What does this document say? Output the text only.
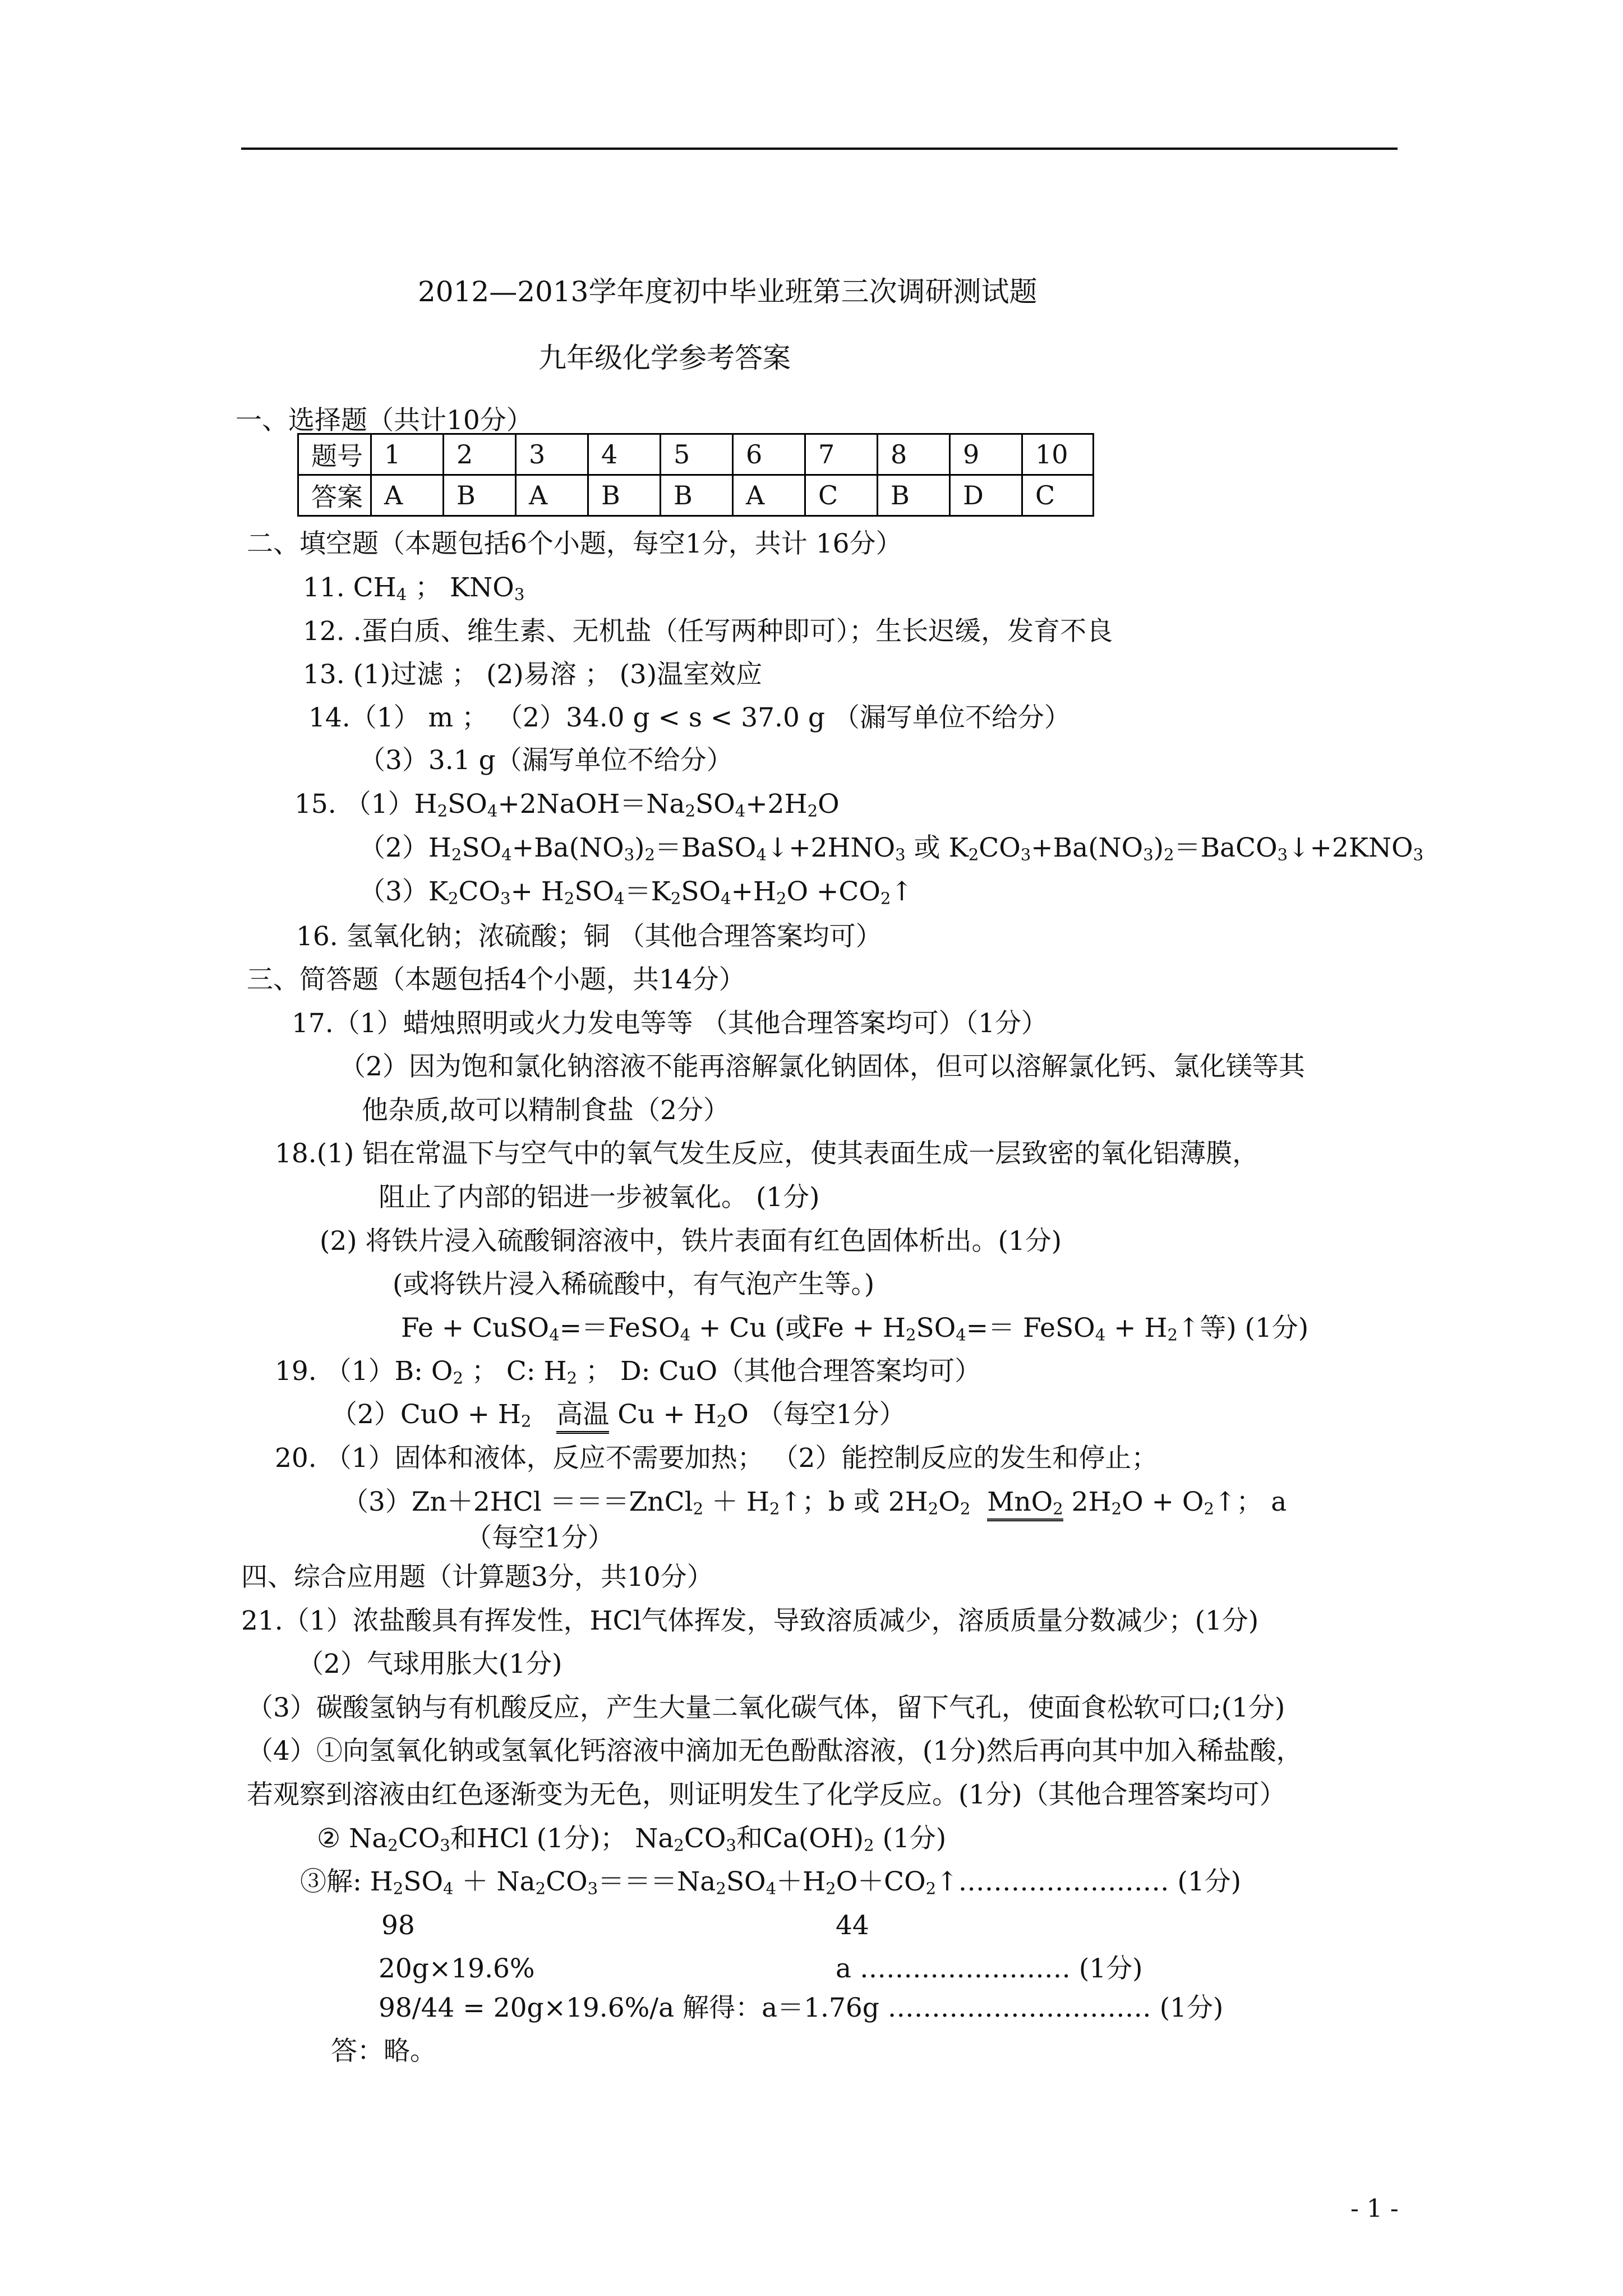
2012—2013学年度初中毕业班第三次调研测试题
九年级化学参考答案
一、选择题（共计10分）
题号	1	2	3	4	5	6	7	8	9	10
答案	A	B	A	B	B	A	C	B	D	C
二、填空题（本题包括6个小题，每空1分，共计 16分）
11. $CH_4$ ； $KNO_3$
12. .蛋白质、维生素、无机盐（任写两种即可）；生长迟缓，发育不良
13. (1)过滤 ； (2)易溶 ； (3)温室效应
14.（1） m ； （2）34.0 g < s < 37.0 g （漏写单位不给分）
（3）3.1 g（漏写单位不给分）
15. $(1)H_2SO_4+2NaOH=Na_2SO_4+2H_2O$
$(2)H_2SO_4+Ba(NO_3)_2=BaSO_4↓+2HNO_3$ 或 $K_2CO_3+Ba(NO_3)_2=BaCO_3↓+2KNO_3$
$(3)K_2CO_3+ H_2SO_4=K_2SO_4+H_2O$ $+CO_2↑$
16. 氢氧化钠；浓硫酸；铜 （其他合理答案均可）
三、简答题（本题包括4个小题，共14分）
17.（1）蜡烛照明或火力发电等等 （其他合理答案均可）（1分）
（2）因为饱和氯化钠溶液不能再溶解氯化钠固体，但可以溶解氯化钙、氯化镁等其
他杂质,故可以精制食盐（2分）
18.(1) 铝在常温下与空气中的氧气发生反应，使其表面生成一层致密的氧化铝薄膜，
阻止了内部的铝进一步被氧化。 (1分)
(2) 将铁片浸入硫酸铜溶液中，铁片表面有红色固体析出。(1分)
(或将铁片浸入稀硫酸中，有气泡产生等。)
Fe + CuSO$_4$=＝FeSO$_4$ + Cu (或$Fe + H_2SO_4==$ FeSO$_4$ + $H_2↑$等) (1分)
19. （1）B: $O_2$ ； C: $H_2$ ； D: CuO（其他合理答案均可）
$(2)CuO + H_2$ 高温 $Cu + H_2O$ （每空1分）
20. （1）固体和液体，反应不需要加热； （2）能控制反应的发生和停止；
（3）Zn＋2HCl ＝＝＝ZnCl$_2$ ＋ $H_2↑$；b 或 $2H_2O_2$ MnO$_2$ $2H_2O$ + $O_2↑$； a
（每空1分）
四、综合应用题（计算题3分，共10分）
21.（1）浓盐酸具有挥发性，HCl气体挥发，导致溶质减少，溶质质量分数减少；(1分)
（2）气球用胀大(1分)
（3）碳酸氢钠与有机酸反应，产生大量二氧化碳气体，留下气孔，使面食松软可口;(1分)
（4）①向氢氧化钠或氢氧化钙溶液中滴加无色酚酞溶液，(1分)然后再向其中加入稀盐酸，
若观察到溶液由红色逐渐变为无色，则证明发生了化学反应。(1分)（其他合理答案均可）
② $Na_2CO_3$和HCl (1分)； $Na_2CO_3$和$Ca(OH)_2$ (1分)
③解: $H_2SO_4$ ＋ $Na_2CO_3===Na_2SO_4+H_2O+CO_2↑\dots\dots\dots\dots\dots\dots\dots\dots$ (1分)
98	44
20g×19.6%	a …………………… (1分)
98/44 = 20g×19.6%/a 解得：a＝1.76g ………………………… (1分)
答：略。
- 1 -
